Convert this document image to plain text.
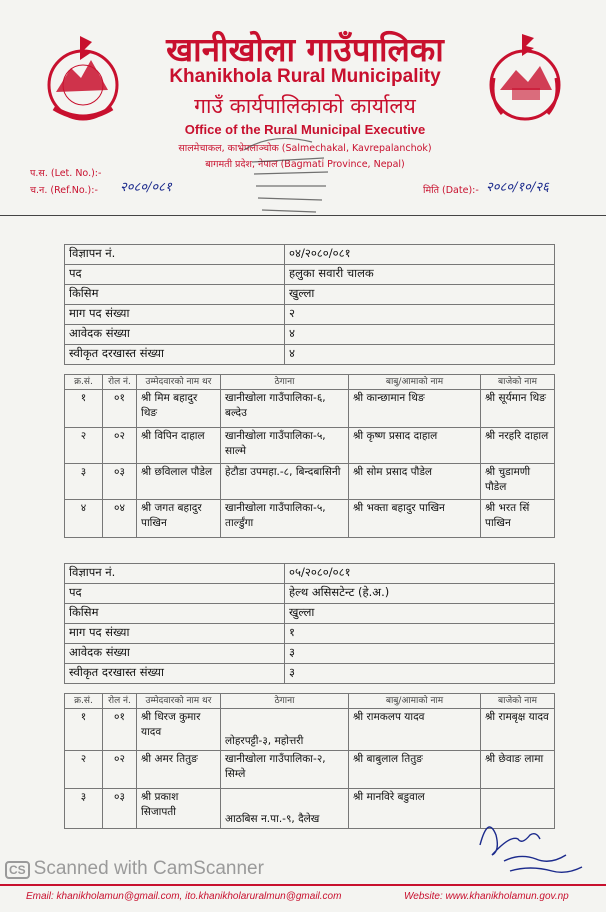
खानीखोला गाउँपालिका
Khanikhola Rural Municipality
गाउँ कार्यपालिकाको कार्यालय
Office of the Rural Municipal Executive
सालमेचाकल, काभ्रेपलाञ्चोक (Salmechakal, Kavrepalanchok)
बागमती प्रदेश, नेपाल (Bagmati Province, Nepal)
प.स. (Let. No.):-
च.न. (Ref.No.):- २०८०/०८१	मिति (Date):- २०८०/१०/२६
विज्ञापन नं.	०४/२०८०/०८१
पद	हलुका सवारी चालक
किसिम	खुल्ला
माग पद संख्या	२
आवेदक संख्या	४
स्वीकृत दरखास्त संख्या	४
क्र.सं.	रोल नं.	उम्मेदवारको नाम थर	ठेगाना	बाबु/आमाको नाम	बाजेको नाम
१	०१	श्री मिम बहादुर थिङ	खानीखोला गाउँपालिका-६, बल्देउ	श्री कान्छामान थिङ	श्री सूर्यमान थिङ
२	०२	श्री विपिन दाहाल	खानीखोला गाउँपालिका-५, साल्मे	श्री कृष्ण प्रसाद दाहाल	श्री नरहरि दाहाल
३	०३	श्री छविलाल पौडेल	हेटौडा उपमहा.-८, बिन्दबासिनी	श्री सोम प्रसाद पौडेल	श्री चुडामणी पौडेल
४	०४	श्री जगत बहादुर पाखिन	खानीखोला गाउँपालिका-५, तार्ल्डुंगा	श्री भक्ता बहादुर पाखिन	श्री भरत सिं पाखिन
विज्ञापन नं.	०५/२०८०/०८१
पद	हेल्थ असिसटेन्ट (हे.अ.)
किसिम	खुल्ला
माग पद संख्या	१
आवेदक संख्या	३
स्वीकृत दरखास्त संख्या	३
क्र.सं.	रोल नं.	उम्मेदवारको नाम थर	ठेगाना	बाबु/आमाको नाम	बाजेको नाम
१	०१	श्री धिरज कुमार यादव	लोहरपट्टी-३, महोत्तरी	श्री रामकलप यादव	श्री रामबृक्ष यादव
२	०२	श्री अमर तितुङ	खानीखोला गाउँपालिका-२, सिम्ले	श्री बाबुलाल तितुङ	श्री छेवाङ लामा
३	०३	श्री प्रकाश सिजापती	आठबिस न.पा.-९, दैलेख	श्री मानविरे बडुवाल	
CS Scanned with CamScanner
Email: khanikholamun@gmail.com, ito.khanikholaruralmun@gmail.com	Website: www.khanikholamun.gov.np
